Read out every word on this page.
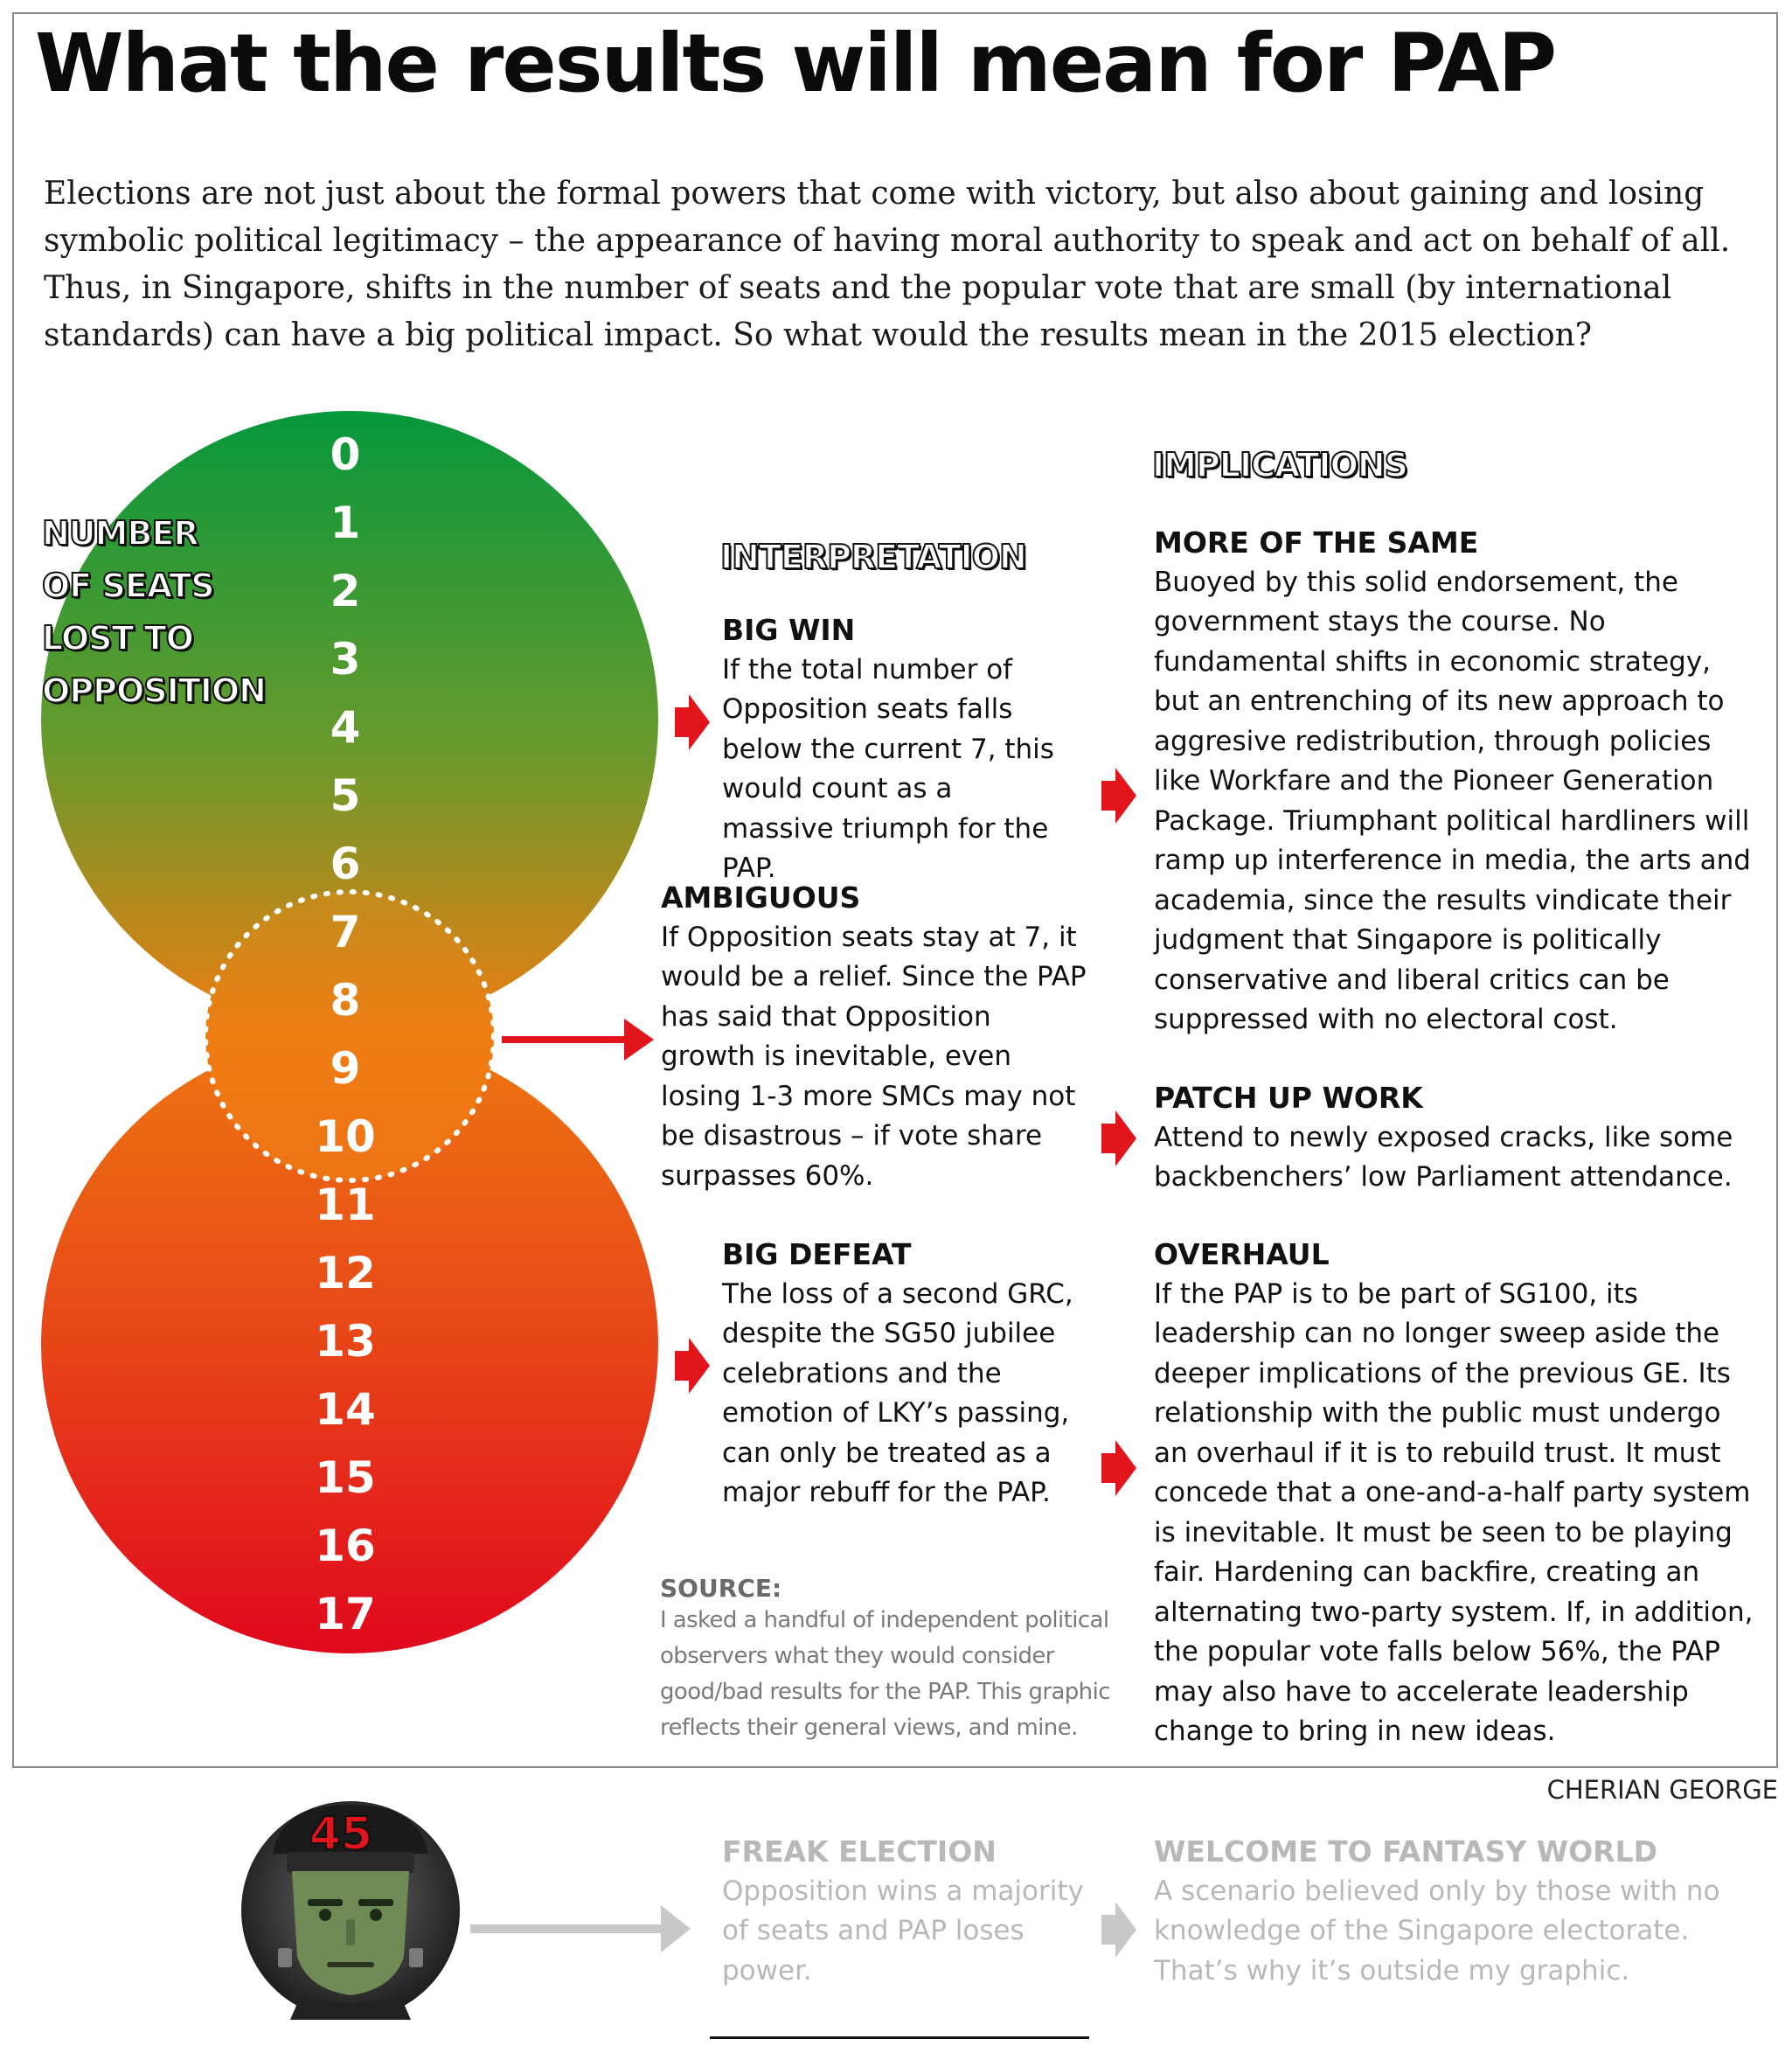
What the results will mean for PAP
Elections are not just about the formal powers that come with victory, but also about gaining and losing symbolic political legitimacy – the appearance of having moral authority to speak and act on behalf of all. Thus, in Singapore, shifts in the number of seats and the popular vote that are small (by international standards) can have a big political impact. So what would the results mean in the 2015 election?
NUMBER
OF SEATS
LOST TO
OPPOSITION
0
1
2
3
4
5
6
7
8
9
10
11
12
13
14
15
16
17
INTERPRETATION
IMPLICATIONS
BIG WIN
If the total number of Opposition seats falls below the current 7, this would count as a massive triumph for the PAP.
AMBIGUOUS
If Opposition seats stay at 7, it would be a relief. Since the PAP has said that Opposition growth is inevitable, even losing 1-3 more SMCs may not be disastrous – if vote share surpasses 60%.
BIG DEFEAT
The loss of a second GRC, despite the SG50 jubilee celebrations and the emotion of LKY’s passing, can only be treated as a major rebuff for the PAP.
MORE OF THE SAME
Buoyed by this solid endorsement, the government stays the course. No fundamental shifts in economic strategy, but an entrenching of its new approach to aggresive redistribution, through policies like Workfare and the Pioneer Generation Package. Triumphant political hardliners will ramp up interference in media, the arts and academia, since the results vindicate their judgment that Singapore is politically conservative and liberal critics can be suppressed with no electoral cost.
PATCH UP WORK
Attend to newly exposed cracks, like some backbenchers’ low Parliament attendance.
OVERHAUL
If the PAP is to be part of SG100, its leadership can no longer sweep aside the deeper implications of the previous GE. Its relationship with the public must undergo an overhaul if it is to rebuild trust. It must concede that a one-and-a-half party system is inevitable. It must be seen to be playing fair. Hardening can backfire, creating an alternating two-party system. If, in addition, the popular vote falls below 56%, the PAP may also have to accelerate leadership change to bring in new ideas.
SOURCE:
I asked a handful of independent political observers what they would consider good/bad results for the PAP. This graphic reflects their general views, and mine.
CHERIAN GEORGE
45	FREAK ELECTION
Opposition wins a majority of seats and PAP loses power.
WELCOME TO FANTASY WORLD
A scenario believed only by those with no knowledge of the Singapore electorate. That’s why it’s outside my graphic.
